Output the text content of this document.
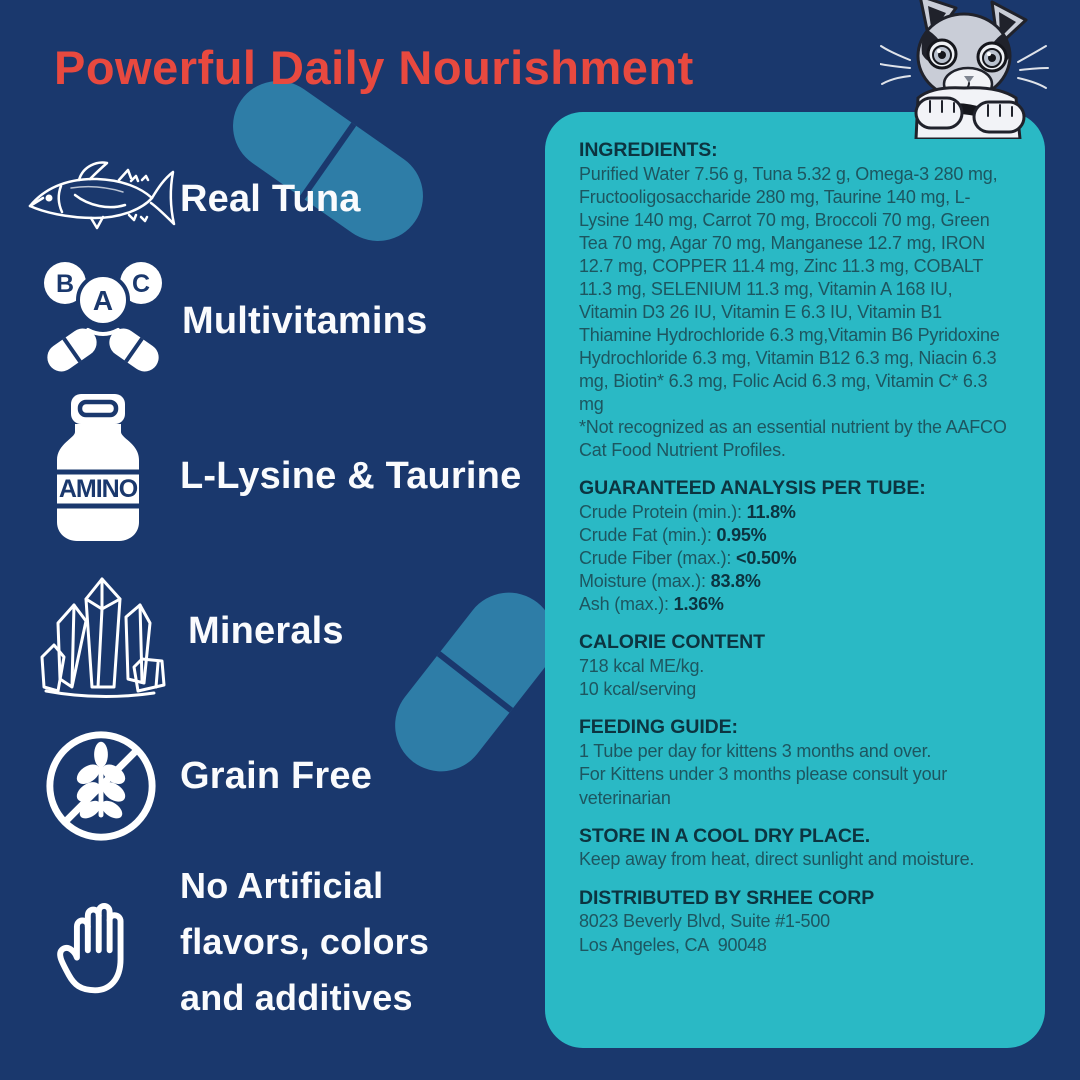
Powerful Daily Nourishment
Real Tuna
B
A
C
Multivitamins
AMINO L-Lysine & Taurine
Minerals
Grain Free
No Artificial
flavors, colors
and additives
INGREDIENTS:
Purified Water 7.56 g, Tuna 5.32 g, Omega-3 280 mg, Fructooligosaccharide 280 mg, Taurine 140 mg, L-Lysine 140 mg, Carrot 70 mg, Broccoli 70 mg, Green Tea 70 mg, Agar 70 mg, Manganese 12.7 mg, IRON 12.7 mg, COPPER 11.4 mg, Zinc 11.3 mg, COBALT 11.3 mg, SELENIUM 11.3 mg, Vitamin A 168 IU, Vitamin D3 26 IU, Vitamin E 6.3 IU, Vitamin B1 Thiamine Hydrochloride 6.3 mg,Vitamin B6 Pyridoxine Hydrochloride 6.3 mg, Vitamin B12 6.3 mg, Niacin 6.3 mg, Biotin* 6.3 mg, Folic Acid 6.3 mg, Vitamin C* 6.3 mg
*Not recognized as an essential nutrient by the AAFCO Cat Food Nutrient Profiles.
GUARANTEED ANALYSIS PER TUBE:
Crude Protein (min.): 11.8%
Crude Fat (min.): 0.95%
Crude Fiber (max.): <0.50%
Moisture (max.): 83.8%
Ash (max.): 1.36%
CALORIE CONTENT
718 kcal ME/kg.
10 kcal/serving
FEEDING GUIDE:
1 Tube per day for kittens 3 months and over.
For Kittens under 3 months please consult your veterinarian
STORE IN A COOL DRY PLACE.
Keep away from heat, direct sunlight and moisture.
DISTRIBUTED BY SRHEE CORP
8023 Beverly Blvd, Suite #1-500
Los Angeles, CA  90048
